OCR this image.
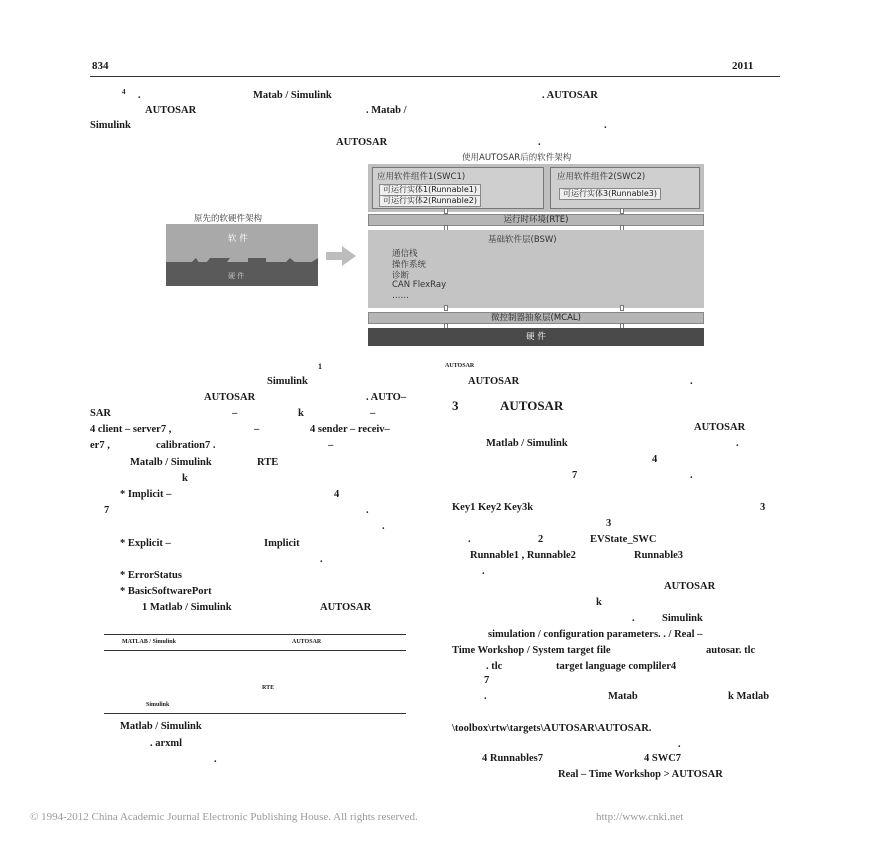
834	2011
4 .	Matab / Simulink	. AUTOSAR
AUTOSAR	. Matab /
Simulink	.
AUTOSAR	.
使用AUTOSAR后的软件架构
原先的软硬件架构
软 件
硬 件
应用软件组件1(SWC1)
可运行实体1(Runnable1)
可运行实体2(Runnable2)
应用软件组件2(SWC2)
可运行实体3(Runnable3)
运行时环境(RTE)
基础软件层(BSW)
通信栈
操作系统
诊断
CAN FlexRay
……
微控制器抽象层(MCAL)
硬 件
1	AUTOSAR
Simulink
AUTOSAR	. AUTO–
SAR	–	k	–
4 client – server7 ,	–	4 sender – receiv–
er7 ,	calibration7 .	–
Matalb / Simulink	RTE
k
* Implicit –	4
7	.
.
* Explicit –	Implicit
.
* ErrorStatus
* BasicSoftwarePort
1 Matlab / Simulink	AUTOSAR
MATLAB / Simulink	AUTOSAR
RTE
Simulink
Matlab / Simulink
. arxml
.
AUTOSAR	.
3	AUTOSAR
AUTOSAR
Matlab / Simulink	.
4
7	.
Key1 Key2 Key3k	3
3
.	2	EVState_SWC
Runnable1 , Runnable2	Runnable3
.
AUTOSAR
k
.	Simulink
simulation / configuration parameters. . / Real –
Time Workshop / System target file	autosar. tlc
. tlc	target language compliler4
7
.	Matab	k Matlab
\toolbox\rtw\targets\AUTOSAR\AUTOSAR.
.
4 Runnables7	4 SWC7
Real – Time Workshop > AUTOSAR
© 1994-2012 China Academic Journal Electronic Publishing House. All rights reserved.	http://www.cnki.net
